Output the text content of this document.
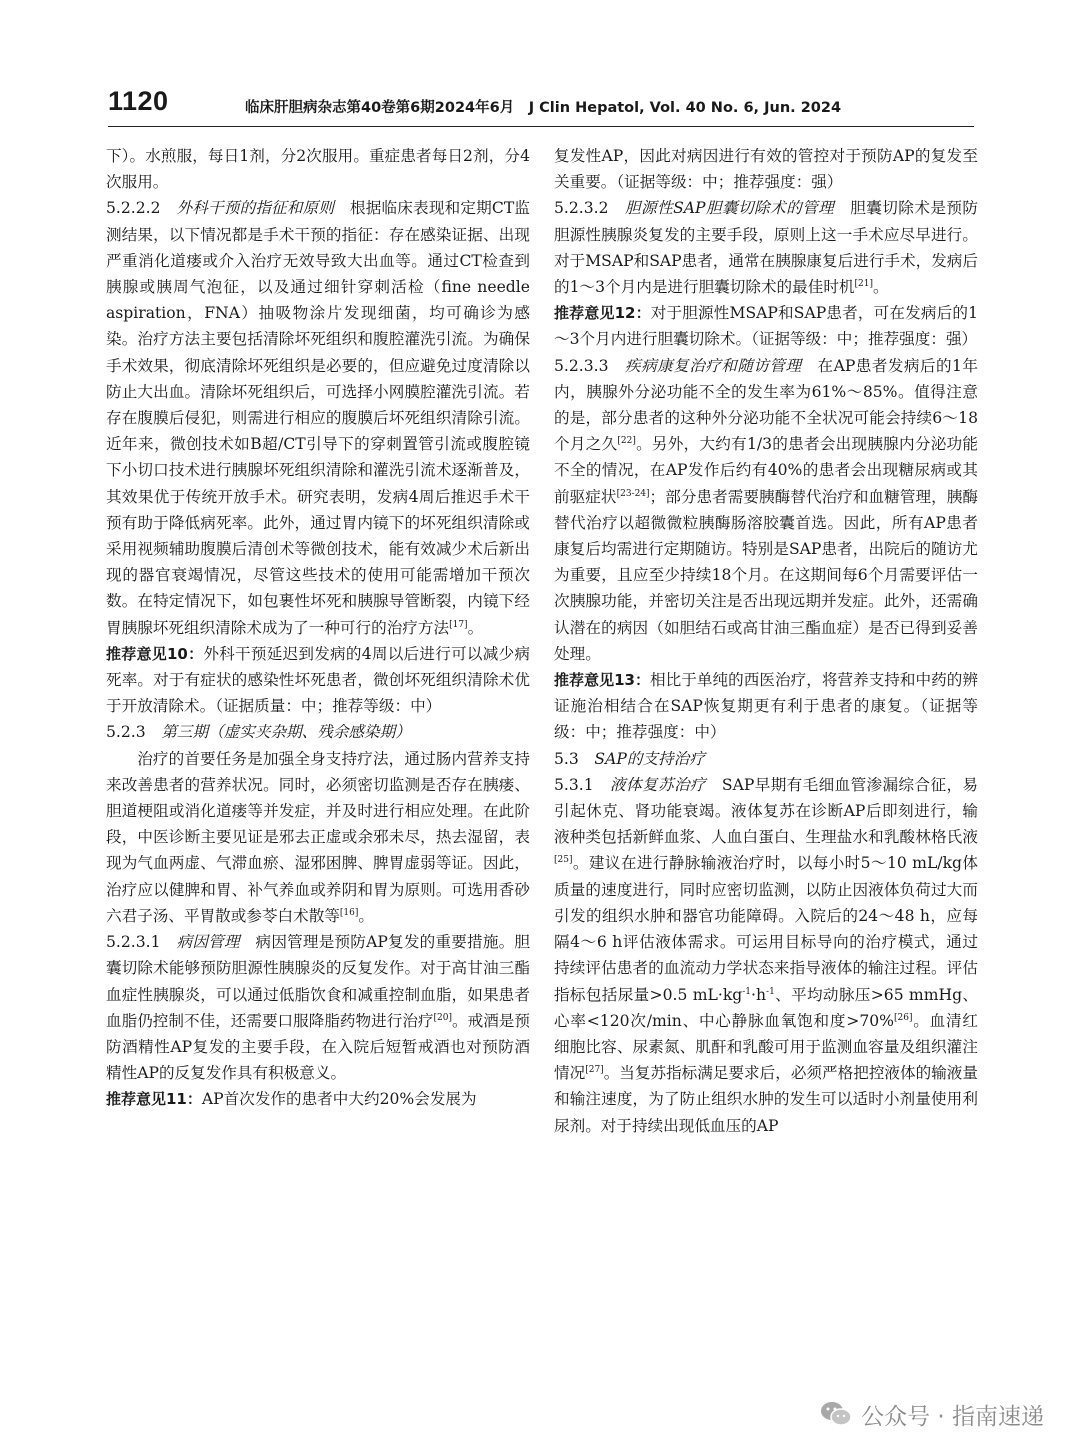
1120	临床肝胆病杂志第40卷第6期2024年6月　J Clin Hepatol, Vol. 40 No. 6, Jun. 2024

下）。水煎服，每日1剂，分2次服用。重症患者每日2剂，分4次服用。

5.2.2.2　外科干预的指征和原则　根据临床表现和定期CT监测结果，以下情况都是手术干预的指征：存在感染证据、出现严重消化道瘘或介入治疗无效导致大出血等。通过CT检查到胰腺或胰周气泡征，以及通过细针穿刺活检（fine needle aspiration，FNA）抽吸物涂片发现细菌，均可确诊为感染。治疗方法主要包括清除坏死组织和腹腔灌洗引流。为确保手术效果，彻底清除坏死组织是必要的，但应避免过度清除以防止大出血。清除坏死组织后，可选择小网膜腔灌洗引流。若存在腹膜后侵犯，则需进行相应的腹膜后坏死组织清除引流。近年来，微创技术如B超/CT引导下的穿刺置管引流或腹腔镜下小切口技术进行胰腺坏死组织清除和灌洗引流术逐渐普及，其效果优于传统开放手术。研究表明，发病4周后推迟手术干预有助于降低病死率。此外，通过胃内镜下的坏死组织清除或采用视频辅助腹膜后清创术等微创技术，能有效减少术后新出现的器官衰竭情况，尽管这些技术的使用可能需增加干预次数。在特定情况下，如包裹性坏死和胰腺导管断裂，内镜下经胃胰腺坏死组织清除术成为了一种可行的治疗方法[17]。

推荐意见10：外科干预延迟到发病的4周以后进行可以减少病死率。对于有症状的感染性坏死患者，微创坏死组织清除术优于开放清除术。（证据质量：中；推荐等级：中）

5.2.3　第三期（虚实夹杂期、残余感染期）

治疗的首要任务是加强全身支持疗法，通过肠内营养支持来改善患者的营养状况。同时，必须密切监测是否存在胰瘘、胆道梗阻或消化道瘘等并发症，并及时进行相应处理。在此阶段，中医诊断主要见证是邪去正虚或余邪未尽，热去湿留，表现为气血两虚、气滞血瘀、湿邪困脾、脾胃虚弱等证。因此，治疗应以健脾和胃、补气养血或养阴和胃为原则。可选用香砂六君子汤、平胃散或参苓白术散等[16]。

5.2.3.1　病因管理　病因管理是预防AP复发的重要措施。胆囊切除术能够预防胆源性胰腺炎的反复发作。对于高甘油三酯血症性胰腺炎，可以通过低脂饮食和减重控制血脂，如果患者血脂仍控制不佳，还需要口服降脂药物进行治疗[20]。戒酒是预防酒精性AP复发的主要手段，在入院后短暂戒酒也对预防酒精性AP的反复发作具有积极意义。

推荐意见11：AP首次发作的患者中大约20%会发展为

复发性AP，因此对病因进行有效的管控对于预防AP的复发至关重要。（证据等级：中；推荐强度：强）

5.2.3.2　胆源性SAP胆囊切除术的管理　胆囊切除术是预防胆源性胰腺炎复发的主要手段，原则上这一手术应尽早进行。对于MSAP和SAP患者，通常在胰腺康复后进行手术，发病后的1～3个月内是进行胆囊切除术的最佳时机[21]。

推荐意见12：对于胆源性MSAP和SAP患者，可在发病后的1～3个月内进行胆囊切除术。（证据等级：中；推荐强度：强）

5.2.3.3　疾病康复治疗和随访管理　在AP患者发病后的1年内，胰腺外分泌功能不全的发生率为61%～85%。值得注意的是，部分患者的这种外分泌功能不全状况可能会持续6～18个月之久[22]。另外，大约有1/3的患者会出现胰腺内分泌功能不全的情况，在AP发作后约有40%的患者会出现糖尿病或其前驱症状[23-24]；部分患者需要胰酶替代治疗和血糖管理，胰酶替代治疗以超微微粒胰酶肠溶胶囊首选。因此，所有AP患者康复后均需进行定期随访。特别是SAP患者，出院后的随访尤为重要，且应至少持续18个月。在这期间每6个月需要评估一次胰腺功能，并密切关注是否出现远期并发症。此外，还需确认潜在的病因（如胆结石或高甘油三酯血症）是否已得到妥善处理。

推荐意见13：相比于单纯的西医治疗，将营养支持和中药的辨证施治相结合在SAP恢复期更有利于患者的康复。（证据等级：中；推荐强度：中）

5.3　SAP的支持治疗

5.3.1　液体复苏治疗　SAP早期有毛细血管渗漏综合征，易引起休克、肾功能衰竭。液体复苏在诊断AP后即刻进行，输液种类包括新鲜血浆、人血白蛋白、生理盐水和乳酸林格氏液[25]。建议在进行静脉输液治疗时，以每小时5～10 mL/kg体质量的速度进行，同时应密切监测，以防止因液体负荷过大而引发的组织水肿和器官功能障碍。入院后的24～48 h，应每隔4～6 h评估液体需求。可运用目标导向的治疗模式，通过持续评估患者的血流动力学状态来指导液体的输注过程。评估指标包括尿量>0.5 $mL\cdot kg^{-1}\cdot h^{-1}$、平均动脉压>65 mmHg、心率<120次/min、中心静脉血氧饱和度>70%[26]。血清红细胞比容、尿素氮、肌酐和乳酸可用于监测血容量及组织灌注情况[27]。当复苏指标满足要求后，必须严格把控液体的输液量和输注速度，为了防止组织水肿的发生可以适时小剂量使用利尿剂。对于持续出现低血压的AP

公众号 · 指南速递
